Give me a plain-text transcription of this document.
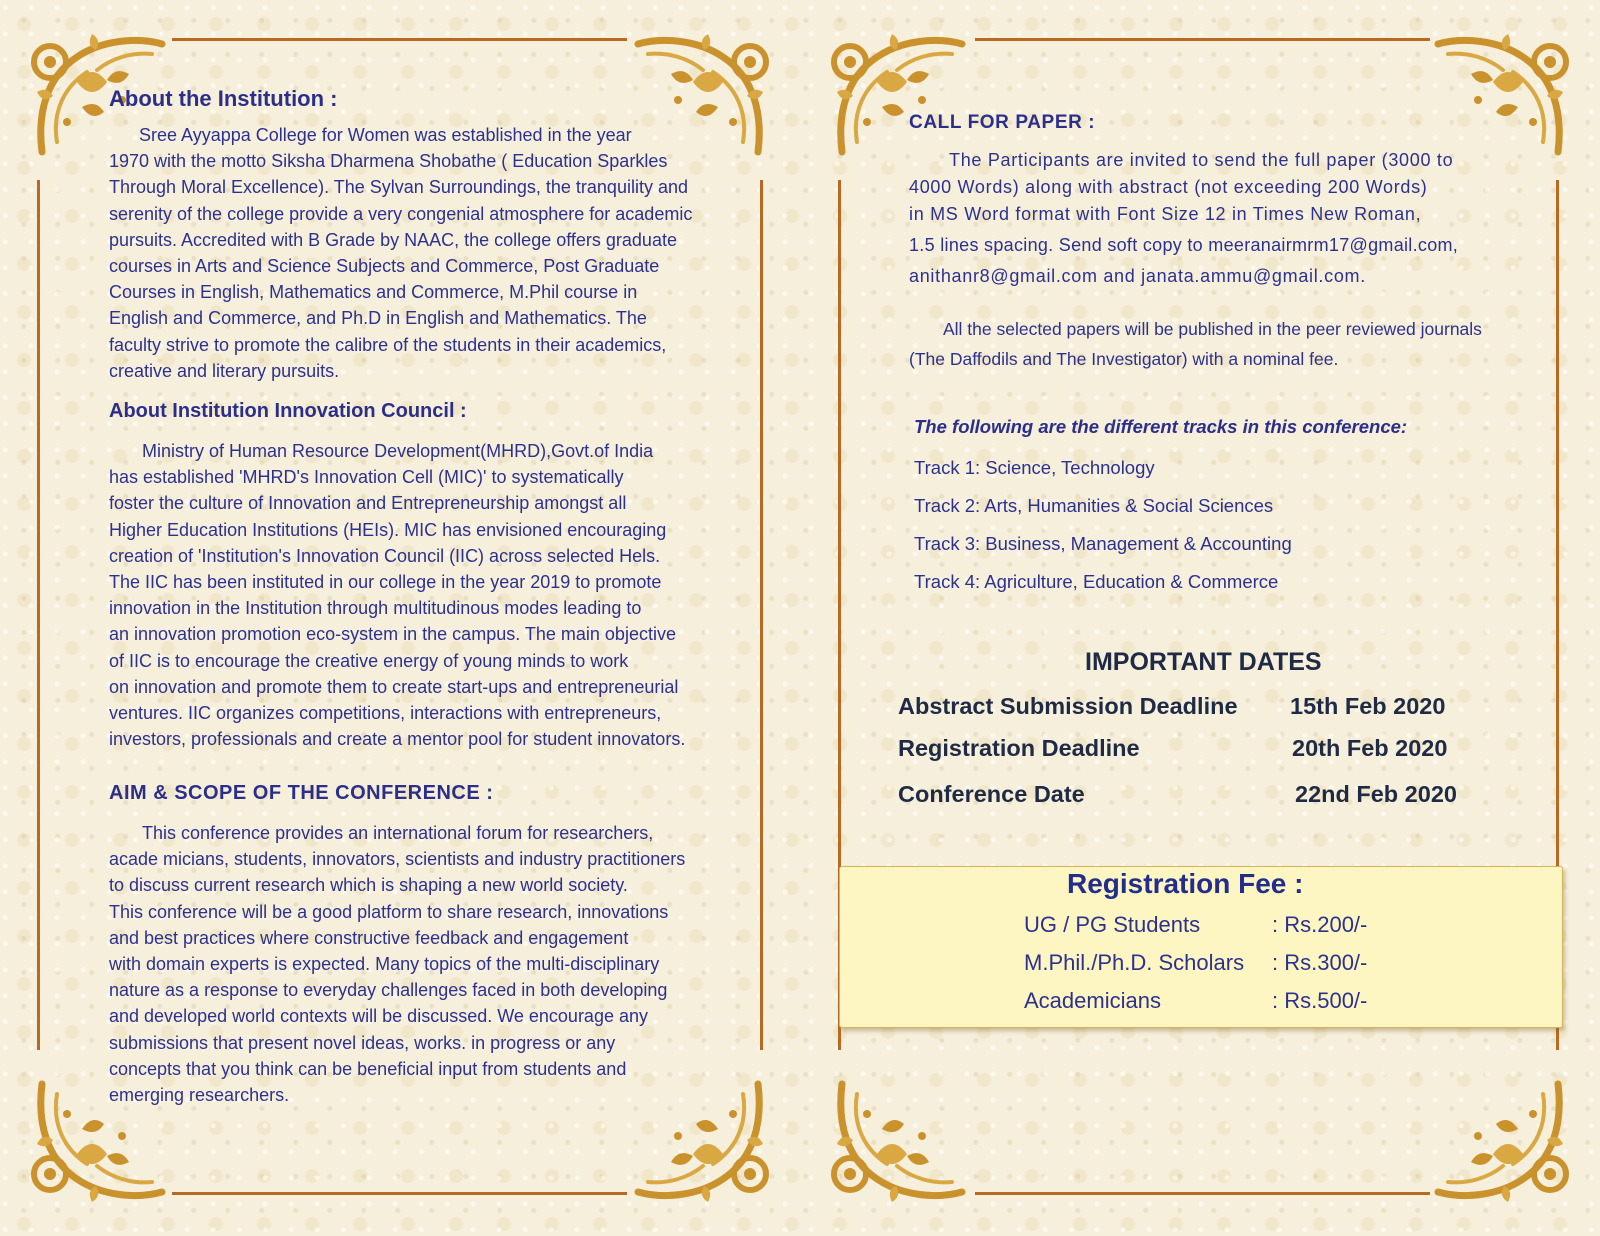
About the Institution :
Sree Ayyappa College for Women was established in the year
1970 with the motto Siksha Dharmena Shobathe ( Education Sparkles
Through Moral Excellence). The Sylvan Surroundings, the tranquility and
serenity of the college provide a very congenial atmosphere for academic
pursuits. Accredited with B Grade by NAAC, the college offers graduate
courses in Arts and Science Subjects and Commerce, Post Graduate
Courses in English, Mathematics and Commerce, M.Phil course in
English and Commerce, and Ph.D in English and Mathematics. The
faculty strive to promote the calibre of the students in their academics,
creative and literary pursuits.
About Institution Innovation Council :
Ministry of Human Resource Development(MHRD),Govt.of India
has established 'MHRD's Innovation Cell (MIC)' to systematically
foster the culture of Innovation and Entrepreneurship amongst all
Higher Education Institutions (HEIs). MIC has envisioned encouraging
creation of 'Institution's Innovation Council (IIC) across selected Hels.
The IIC has been instituted in our college in the year 2019 to promote
innovation in the Institution through multitudinous modes leading to
an innovation promotion eco-system in the campus. The main objective
of IIC is to encourage the creative energy of young minds to work
on innovation and promote them to create start-ups and entrepreneurial
ventures. IIC organizes competitions, interactions with entrepreneurs,
investors, professionals and create a mentor pool for student innovators.
AIM & SCOPE OF THE CONFERENCE :
This conference provides an international forum for researchers,
acade micians, students, innovators, scientists and industry practitioners
to discuss current research which is shaping a new world society.
This conference will be a good platform to share research, innovations
and best practices where constructive feedback and engagement
with domain experts is expected. Many topics of the multi-disciplinary
nature as a response to everyday challenges faced in both developing
and developed world contexts will be discussed. We encourage any
submissions that present novel ideas, works. in progress or any
concepts that you think can be beneficial input from students and
emerging researchers.
CALL FOR PAPER :
The Participants are invited to send the full paper (3000 to
4000 Words) along with abstract (not exceeding 200 Words)
in MS Word format with Font Size 12 in Times New Roman,
1.5 lines spacing. Send soft copy to meeranairmrm17@gmail.com,
anithanr8@gmail.com and janata.ammu@gmail.com.
All the selected papers will be published in the peer reviewed journals
(The Daffodils and The Investigator) with a nominal fee.
The following are the different tracks in this conference:
Track 1: Science, Technology
Track 2: Arts, Humanities & Social Sciences
Track 3: Business, Management & Accounting
Track 4: Agriculture, Education & Commerce
IMPORTANT DATES
Abstract Submission Deadline 15th Feb 2020
Registration Deadline	20th Feb 2020
Conference Date	22nd Feb 2020
Registration Fee :
UG / PG Students	: Rs.200/-
M.Phil./Ph.D. Scholars : Rs.300/-
Academicians	: Rs.500/-
